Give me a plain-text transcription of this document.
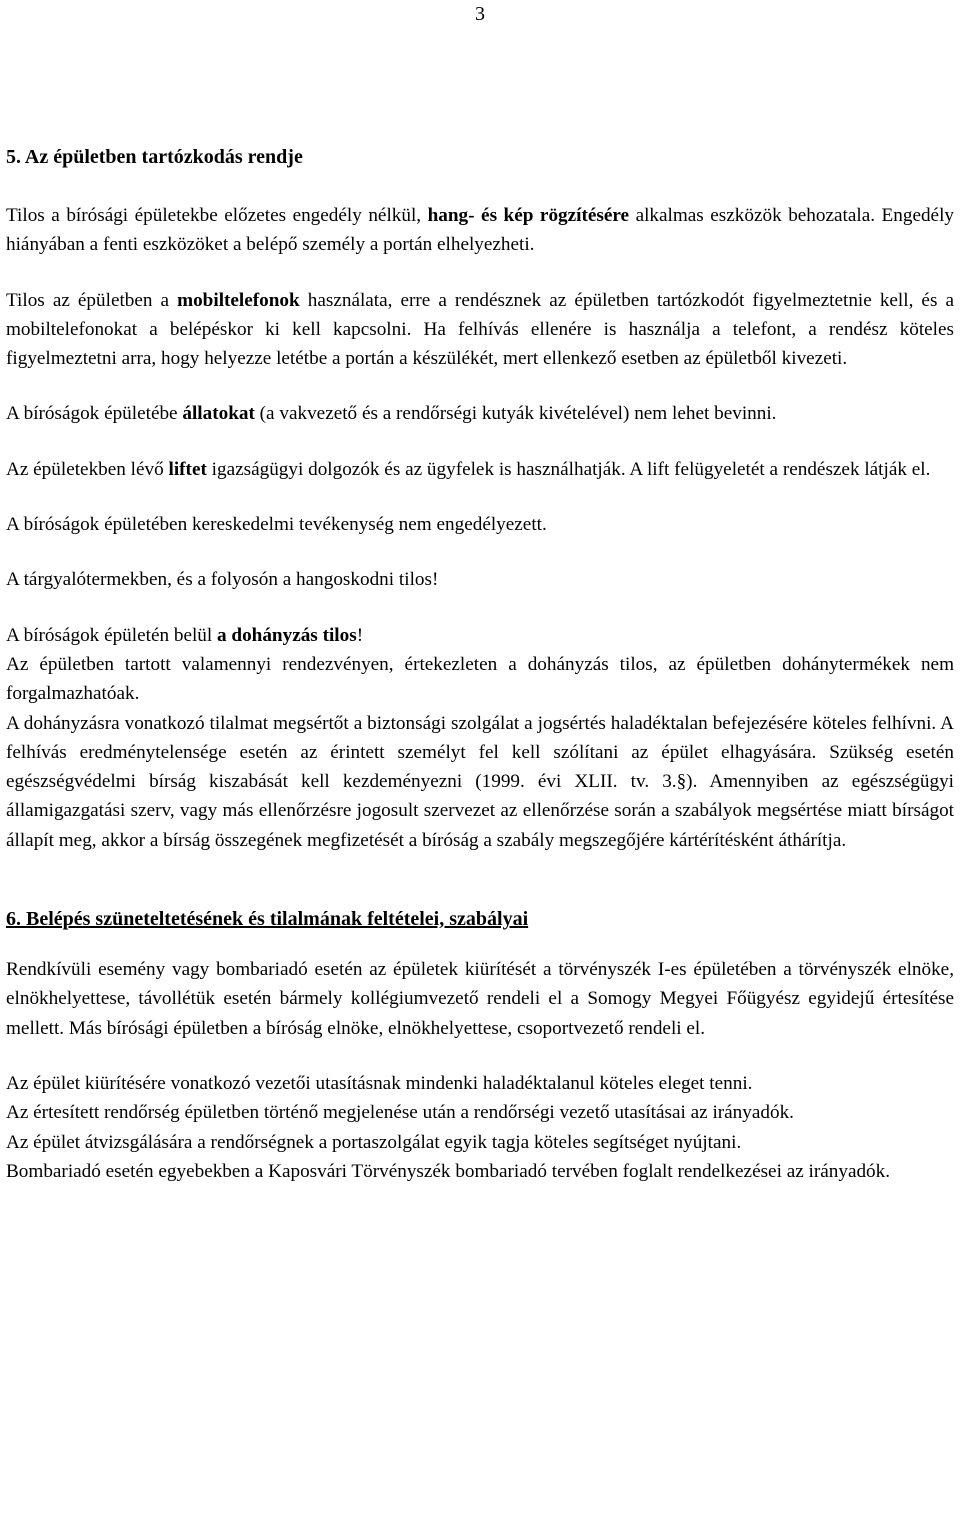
3
5. Az épületben tartózkodás rendje

Tilos a bírósági épületekbe előzetes engedély nélkül, hang- és kép rögzítésére alkalmas eszközök behozatala. Engedély hiányában a fenti eszközöket a belépő személy a portán elhelyezheti.

Tilos az épületben a mobiltelefonok használata, erre a rendésznek az épületben tartózkodót figyelmeztetnie kell, és a mobiltelefonokat a belépéskor ki kell kapcsolni. Ha felhívás ellenére is használja a telefont, a rendész köteles figyelmeztetni arra, hogy helyezze letétbe a portán a készülékét, mert ellenkező esetben az épületből kivezeti.

A bíróságok épületébe állatokat (a vakvezető és a rendőrségi kutyák kivételével) nem lehet bevinni.

Az épületekben lévő liftet igazságügyi dolgozók és az ügyfelek is használhatják. A lift felügyeletét a rendészek látják el.

A bíróságok épületében kereskedelmi tevékenység nem engedélyezett.

A tárgyalótermekben, és a folyosón a hangoskodni tilos!

A bíróságok épületén belül a dohányzás tilos!

Az épületben tartott valamennyi rendezvényen, értekezleten a dohányzás tilos, az épületben dohánytermékek nem forgalmazhatóak.

A dohányzásra vonatkozó tilalmat megsértőt a biztonsági szolgálat a jogsértés haladéktalan befejezésére köteles felhívni. A felhívás eredménytelensége esetén az érintett személyt fel kell szólítani az épület elhagyására. Szükség esetén egészségvédelmi bírság kiszabását kell kezdeményezni (1999. évi XLII. tv. 3.§). Amennyiben az egészségügyi államigazgatási szerv, vagy más ellenőrzésre jogosult szervezet az ellenőrzése során a szabályok megsértése miatt bírságot állapít meg, akkor a bírság összegének megfizetését a bíróság a szabály megszegőjére kártérítésként áthárítja.

6. Belépés szüneteltetésének és tilalmának feltételei, szabályai

Rendkívüli esemény vagy bombariadó esetén az épületek kiürítését a törvényszék I-es épületében a törvényszék elnöke, elnökhelyettese, távollétük esetén bármely kollégiumvezető rendeli el a Somogy Megyei Főügyész egyidejű értesítése mellett. Más bírósági épületben a bíróság elnöke, elnökhelyettese, csoportvezető rendeli el.

Az épület kiürítésére vonatkozó vezetői utasításnak mindenki haladéktalanul köteles eleget tenni.

Az értesített rendőrség épületben történő megjelenése után a rendőrségi vezető utasításai az irányadók.

Az épület átvizsgálására a rendőrségnek a portaszolgálat egyik tagja köteles segítséget nyújtani.

Bombariadó esetén egyebekben a Kaposvári Törvényszék bombariadó tervében foglalt rendelkezései az irányadók.
